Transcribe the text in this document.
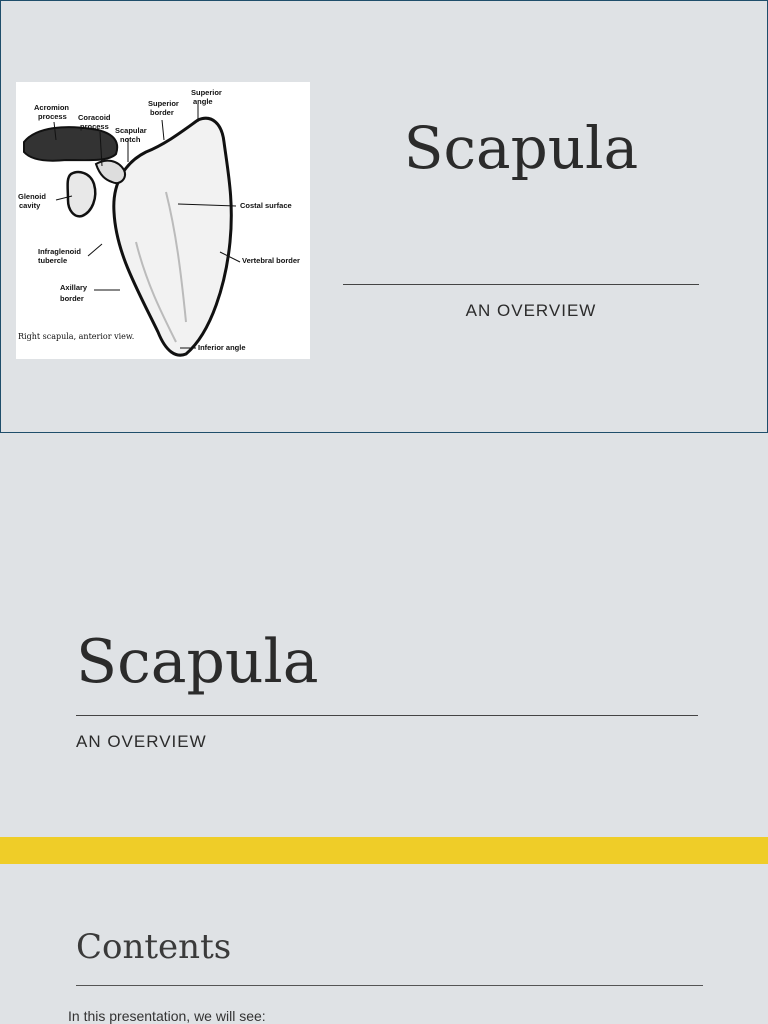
Acromion
process Coracoid
process
Superior
border
Superior
angle
Scapular
notch
Glenoid
cavity	Costal surface
Infraglenoid
tubercle	Vertebral border
Axillary
border
Inferior angle
Right scapula, anterior view.
Scapula
AN OVERVIEW
Scapula
AN OVERVIEW
Contents
In this presentation, we will see:
